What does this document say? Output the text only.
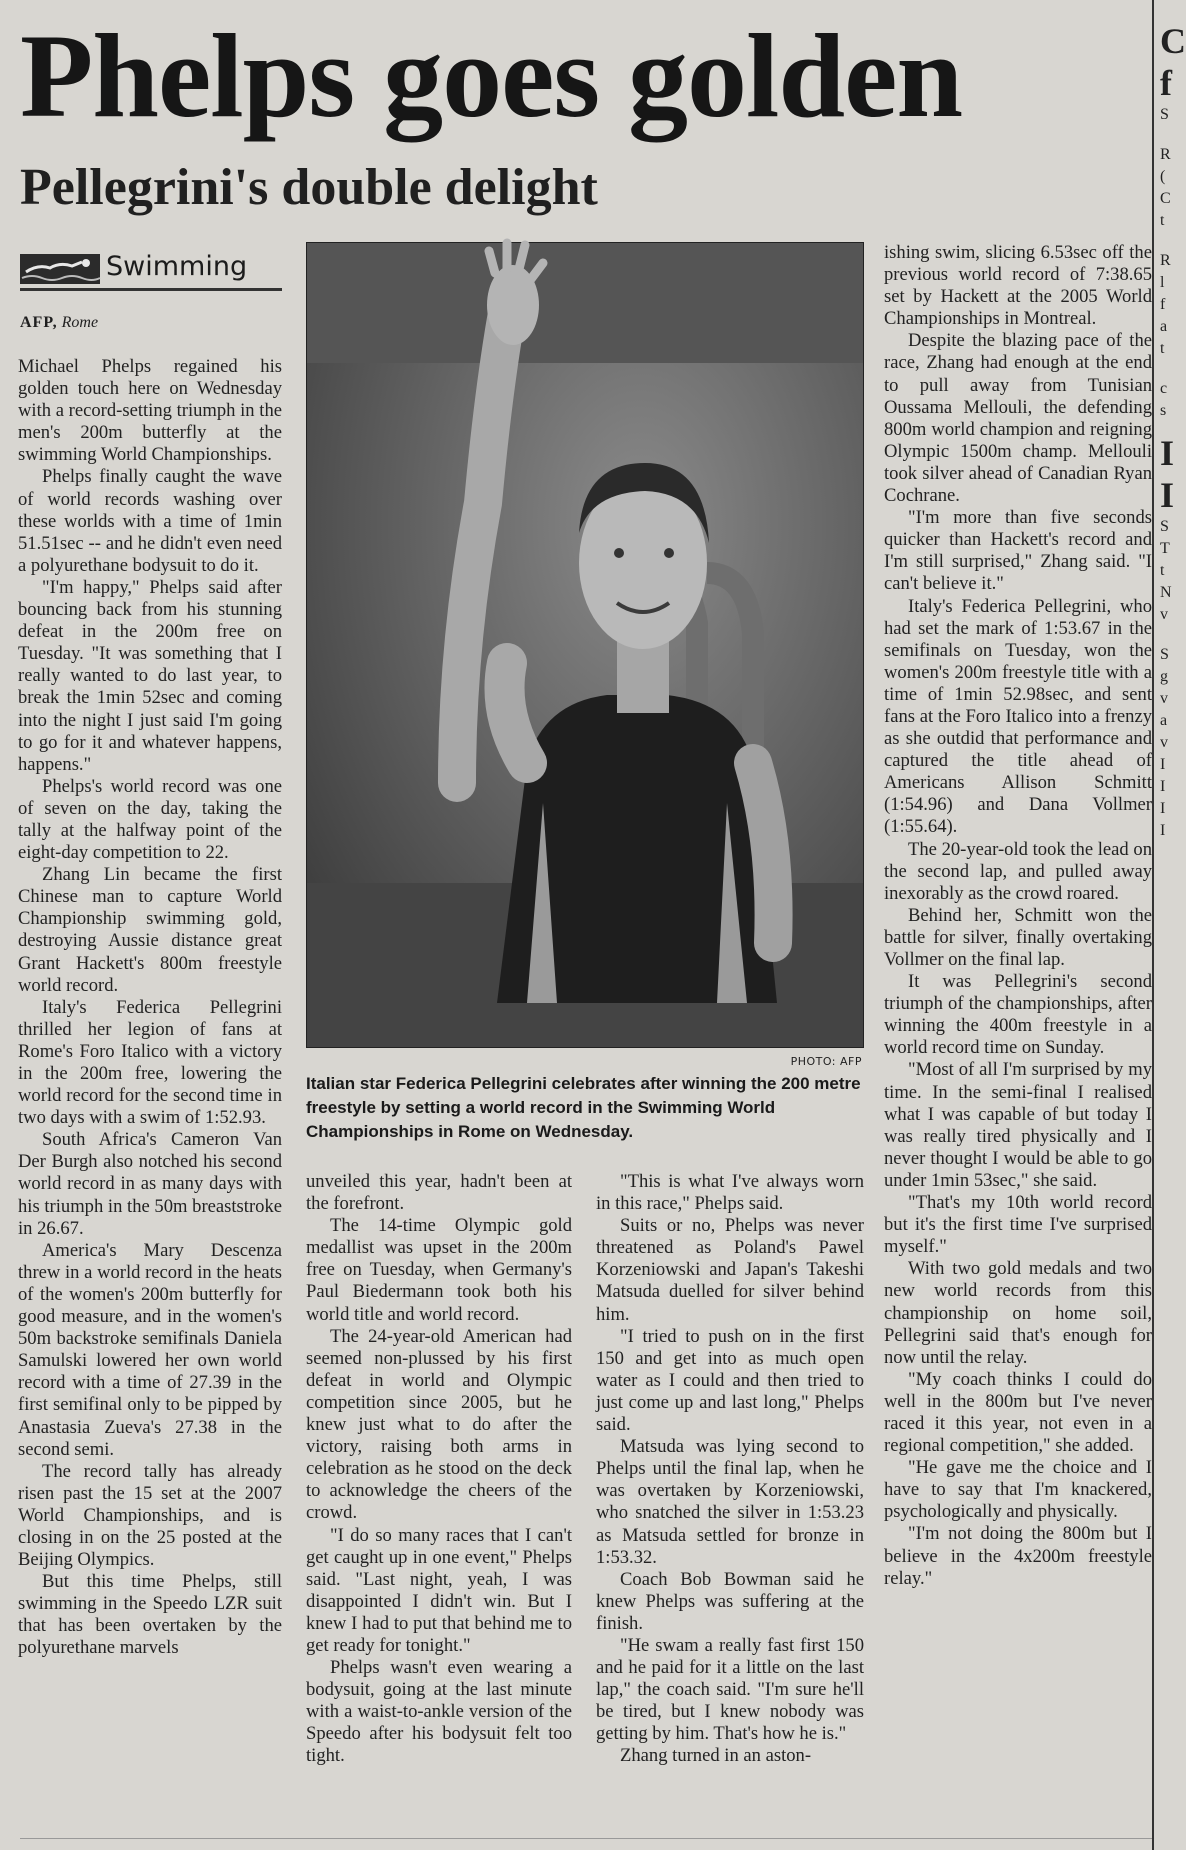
Phelps goes golden
Pellegrini's double delight
C
f
S
R
(
C
t
R
l
f
a
t
c
s
I
I
S
T
t
N
v
S
g
v
a
v
I
I
I
I
Swimming
AFP, Rome

Michael Phelps regained his golden touch here on Wednesday with a record-setting triumph in the men's 200m butterfly at the swimming World Championships.

Phelps finally caught the wave of world records washing over these worlds with a time of 1min 51.51sec -- and he didn't even need a polyurethane bodysuit to do it.

"I'm happy," Phelps said after bouncing back from his stunning defeat in the 200m free on Tuesday. "It was something that I really wanted to do last year, to break the 1min 52sec and coming into the night I just said I'm going to go for it and whatever happens, happens."

Phelps's world record was one of seven on the day, taking the tally at the halfway point of the eight-day competition to 22.

Zhang Lin became the first Chinese man to capture World Championship swimming gold, destroying Aussie distance great Grant Hackett's 800m freestyle world record.

Italy's Federica Pellegrini thrilled her legion of fans at Rome's Foro Italico with a victory in the 200m free, lowering the world record for the second time in two days with a swim of 1:52.93.

South Africa's Cameron Van Der Burgh also notched his second world record in as many days with his triumph in the 50m breaststroke in 26.67.

America's Mary Descenza threw in a world record in the heats of the women's 200m butterfly for good measure, and in the women's 50m backstroke semifinals Daniela Samulski lowered her own world record with a time of 27.39 in the first semifinal only to be pipped by Anastasia Zueva's 27.38 in the second semi.

The record tally has already risen past the 15 set at the 2007 World Championships, and is closing in on the 25 posted at the Beijing Olympics.

But this time Phelps, still swimming in the Speedo LZR suit that has been overtaken by the polyurethane marvels

PHOTO: AFP
Italian star Federica Pellegrini celebrates after winning the 200 metre freestyle by setting a world record in the Swimming World Championships in Rome on Wednesday.

unveiled this year, hadn't been at the forefront.

The 14-time Olympic gold medallist was upset in the 200m free on Tuesday, when Germany's Paul Biedermann took both his world title and world record.

The 24-year-old American had seemed non-plussed by his first defeat in world and Olympic competition since 2005, but he knew just what to do after the victory, raising both arms in celebration as he stood on the deck to acknowledge the cheers of the crowd.

"I do so many races that I can't get caught up in one event," Phelps said. "Last night, yeah, I was disappointed I didn't win. But I knew I had to put that behind me to get ready for tonight."

Phelps wasn't even wearing a bodysuit, going at the last minute with a waist-to-ankle version of the Speedo after his bodysuit felt too tight.

"This is what I've always worn in this race," Phelps said.

Suits or no, Phelps was never threatened as Poland's Pawel Korzeniowski and Japan's Takeshi Matsuda duelled for silver behind him.

"I tried to push on in the first 150 and get into as much open water as I could and then tried to just come up and last long," Phelps said.

Matsuda was lying second to Phelps until the final lap, when he was overtaken by Korzeniowski, who snatched the silver in 1:53.23 as Matsuda settled for bronze in 1:53.32.

Coach Bob Bowman said he knew Phelps was suffering at the finish.

"He swam a really fast first 150 and he paid for it a little on the last lap," the coach said. "I'm sure he'll be tired, but I knew nobody was getting by him. That's how he is."

Zhang turned in an aston-

ishing swim, slicing 6.53sec off the previous world record of 7:38.65 set by Hackett at the 2005 World Championships in Montreal.

Despite the blazing pace of the race, Zhang had enough at the end to pull away from Tunisian Oussama Mellouli, the defending 800m world champion and reigning Olympic 1500m champ. Mellouli took silver ahead of Canadian Ryan Cochrane.

"I'm more than five seconds quicker than Hackett's record and I'm still surprised," Zhang said. "I can't believe it."

Italy's Federica Pellegrini, who had set the mark of 1:53.67 in the semifinals on Tuesday, won the women's 200m freestyle title with a time of 1min 52.98sec, and sent fans at the Foro Italico into a frenzy as she outdid that performance and captured the title ahead of Americans Allison Schmitt (1:54.96) and Dana Vollmer (1:55.64).

The 20-year-old took the lead on the second lap, and pulled away inexorably as the crowd roared.

Behind her, Schmitt won the battle for silver, finally overtaking Vollmer on the final lap.

It was Pellegrini's second triumph of the championships, after winning the 400m freestyle in a world record time on Sunday.

"Most of all I'm surprised by my time. In the semi-final I realised what I was capable of but today I was really tired physically and I never thought I would be able to go under 1min 53sec," she said.

"That's my 10th world record but it's the first time I've surprised myself."

With two gold medals and two new world records from this championship on home soil, Pellegrini said that's enough for now until the relay.

"My coach thinks I could do well in the 800m but I've never raced it this year, not even in a regional competition," she added.

"He gave me the choice and I have to say that I'm knackered, psychologically and physically.

"I'm not doing the 800m but I believe in the 4x200m freestyle relay."
